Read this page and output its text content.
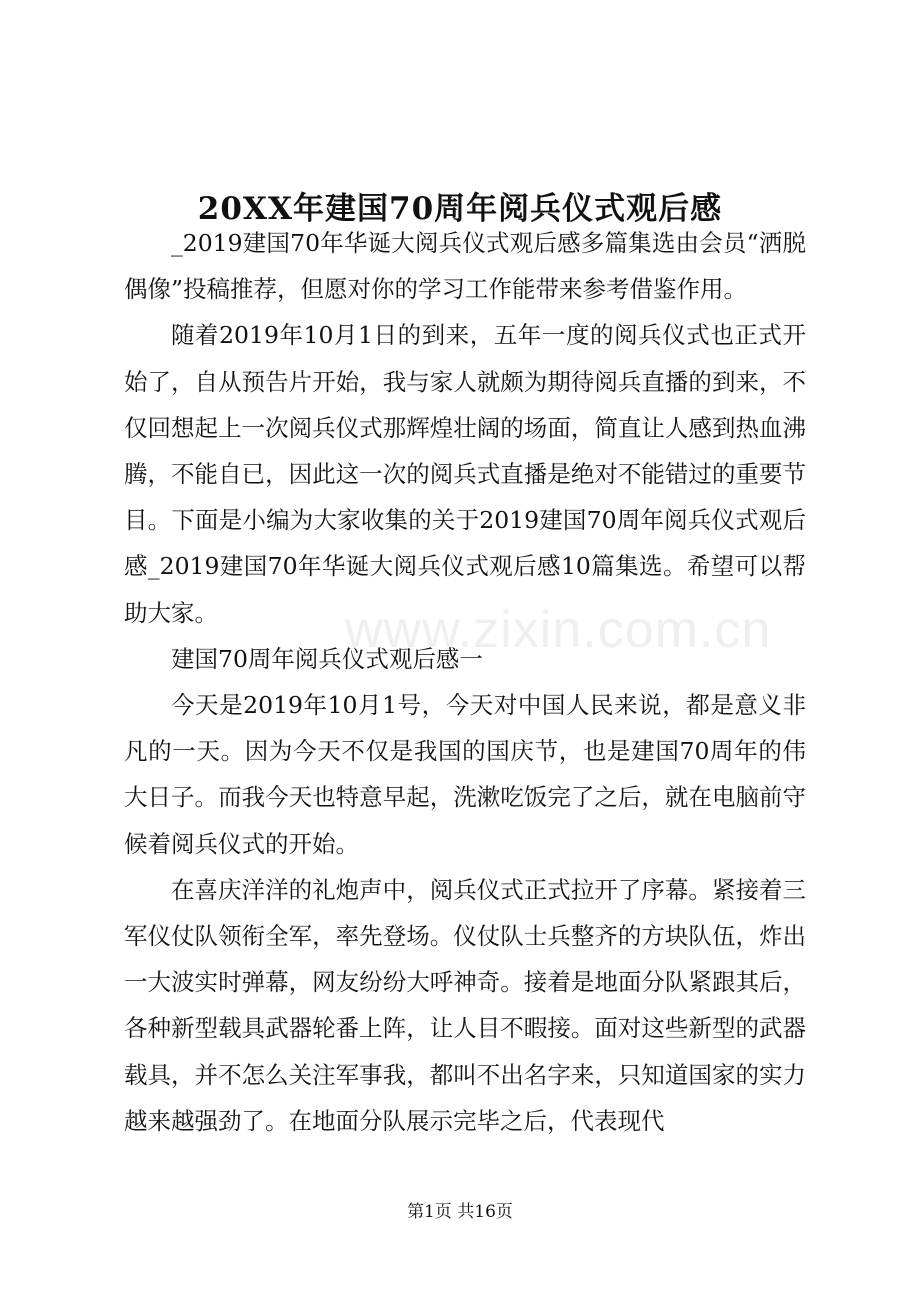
www.zixin.com.cn
20XX年建国70周年阅兵仪式观后感

_2019建国70年华诞大阅兵仪式观后感多篇集选由会员“洒脱偶像”投稿推荐，但愿对你的学习工作能带来参考借鉴作用。

随着2019年10月1日的到来，五年一度的阅兵仪式也正式开始了，自从预告片开始，我与家人就颇为期待阅兵直播的到来，不仅回想起上一次阅兵仪式那辉煌壮阔的场面，简直让人感到热血沸腾，不能自已，因此这一次的阅兵式直播是绝对不能错过的重要节目。下面是小编为大家收集的关于2019建国70周年阅兵仪式观后感_2019建国70年华诞大阅兵仪式观后感10篇集选。希望可以帮助大家。

建国70周年阅兵仪式观后感一

今天是2019年10月1号，今天对中国人民来说，都是意义非凡的一天。因为今天不仅是我国的国庆节，也是建国70周年的伟大日子。而我今天也特意早起，洗漱吃饭完了之后，就在电脑前守候着阅兵仪式的开始。

在喜庆洋洋的礼炮声中，阅兵仪式正式拉开了序幕。紧接着三军仪仗队领衔全军，率先登场。仪仗队士兵整齐的方块队伍，炸出一大波实时弹幕，网友纷纷大呼神奇。接着是地面分队紧跟其后，各种新型载具武器轮番上阵，让人目不暇接。面对这些新型的武器载具，并不怎么关注军事我，都叫不出名字来，只知道国家的实力越来越强劲了。在地面分队展示完毕之后，代表现代

第1页 共16页
